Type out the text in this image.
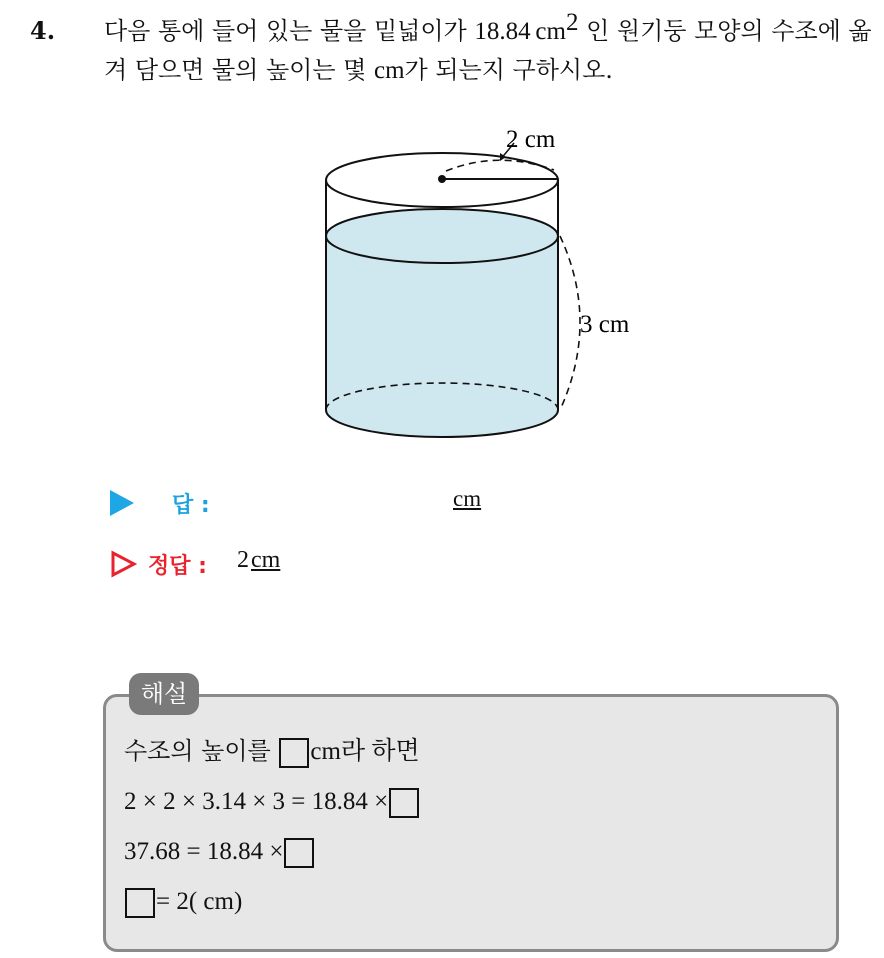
4. 다음 통에 들어 있는 물을 밑넓이가 18.84  $cm^2$ 인 원기둥 모양의 수조에 옮겨 담으면 물의 높이는 몇 cm가 되는지 구하시오.
2 cm
3 cm
답 :	cm
정답 : 2 cm
해설
수조의 높이를 cm라 하면
2 × 2 × 3.14 × 3 = 18.84 ×
37.68 = 18.84 ×
= 2( cm)
